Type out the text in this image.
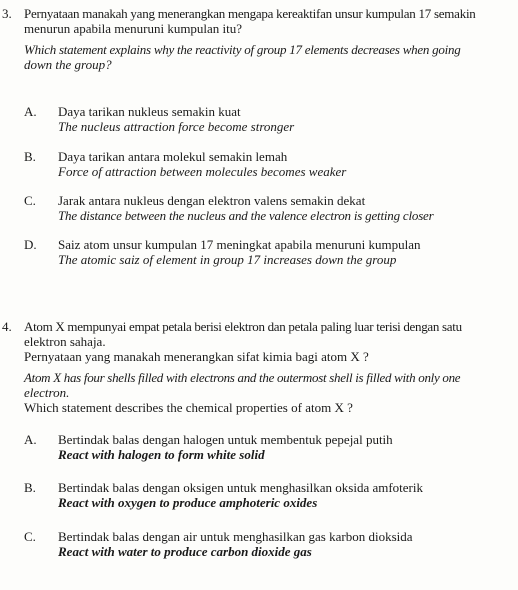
3. Pernyataan manakah yang menerangkan mengapa kereaktifan unsur kumpulan 17 semakin
menurun apabila menuruni kumpulan itu?
Which statement explains why the reactivity of group 17 elements decreases when going
down the group?
A. Daya tarikan nukleus semakin kuat
The nucleus attraction force become stronger
B. Daya tarikan antara molekul semakin lemah
Force of attraction between molecules becomes weaker
C. Jarak antara nukleus dengan elektron valens semakin dekat
The distance between the nucleus and the valence electron is getting closer
D. Saiz atom unsur kumpulan 17 meningkat apabila menuruni kumpulan
The atomic saiz of element in group 17 increases down the group
4. Atom X mempunyai empat petala berisi elektron dan petala paling luar terisi dengan satu
elektron sahaja.
Pernyataan yang manakah menerangkan sifat kimia bagi atom X ?
Atom X has four shells filled with electrons and the outermost shell is filled with only one
electron.
Which statement describes the chemical properties of atom X ?
A. Bertindak balas dengan halogen untuk membentuk pepejal putih
React with halogen to form white solid
B. Bertindak balas dengan oksigen untuk menghasilkan oksida amfoterik
React with oxygen to produce amphoteric oxides
C. Bertindak balas dengan air untuk menghasilkan gas karbon dioksida
React with water to produce carbon dioxide gas
